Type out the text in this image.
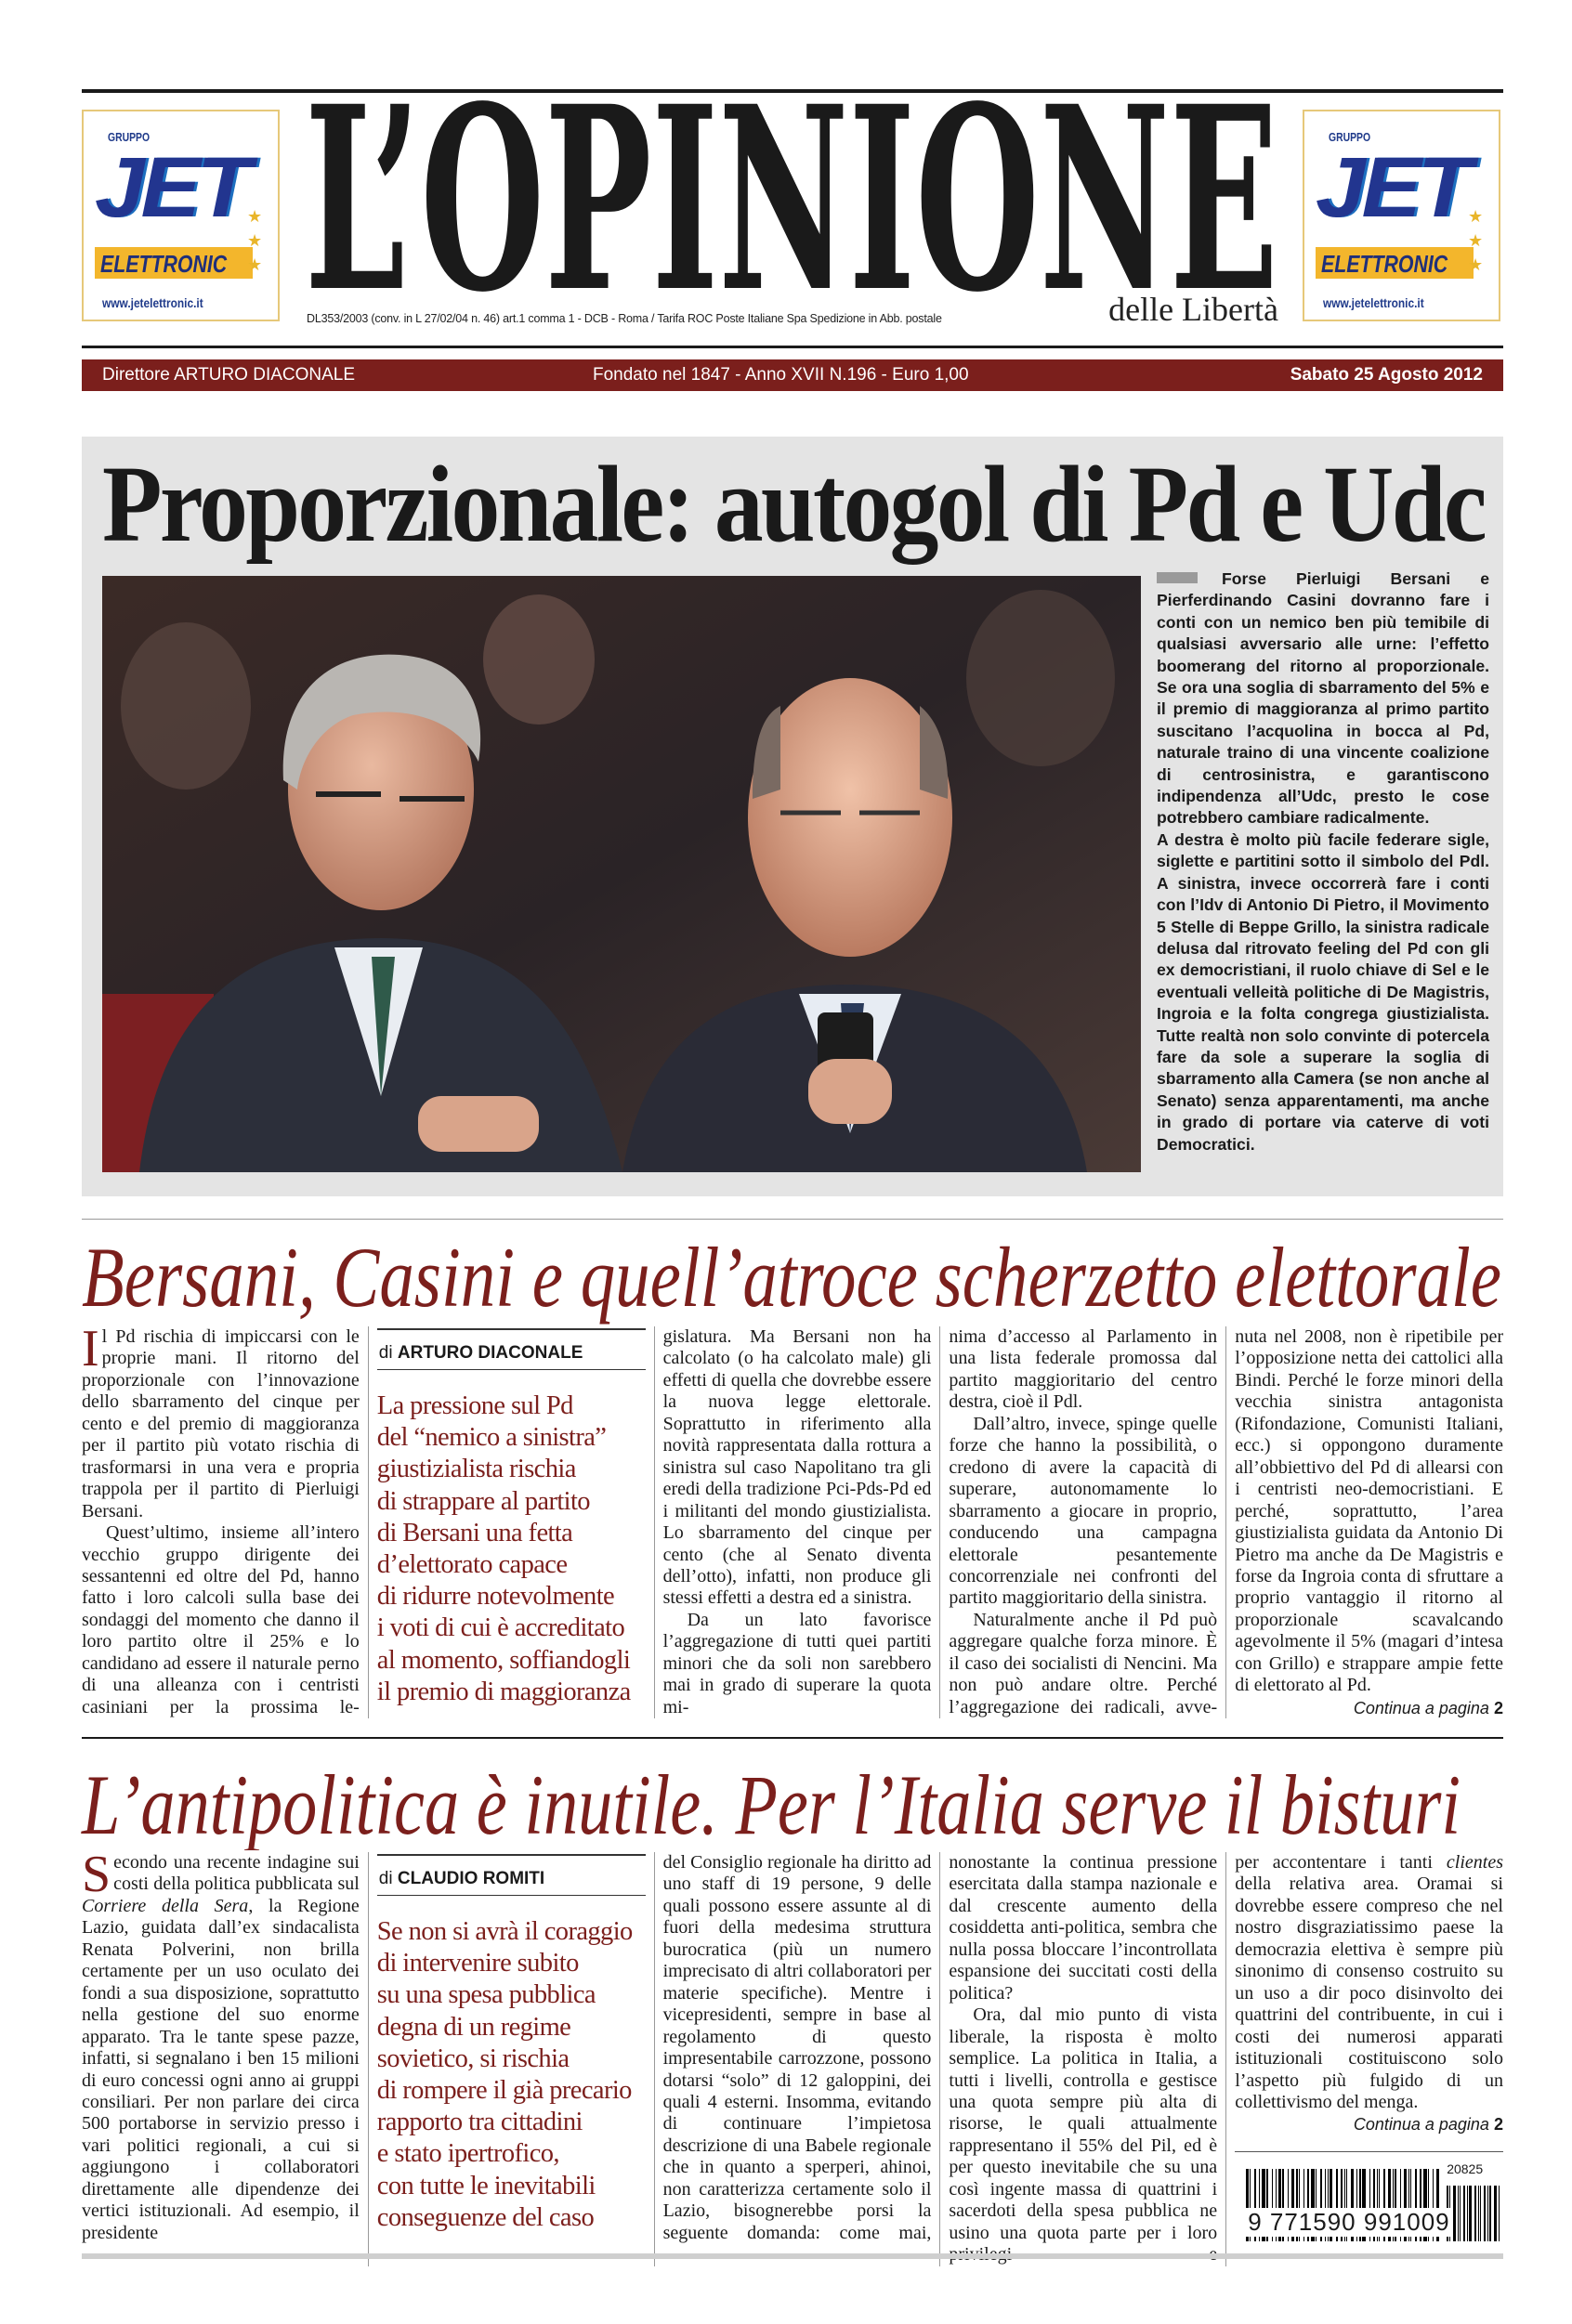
GRUPPO
JET
ELETTRONIC
★
★
★
www.jetelettronic.it L’OPINIONE
DL353/2003 (conv. in L 27/02/04 n. 46) art.1 comma 1 - DCB - Roma / Tarifa ROC Poste Italiane Spa Spedizione in Abb. postale	delle Libertà
GRUPPO
JET
ELETTRONIC
★
★
★
www.jetelettronic.it
Direttore ARTURO DIACONALE	Fondato nel 1847 - Anno XVII N.196 - Euro 1,00	Sabato 25 Agosto 2012
Proporzionale: autogol di Pd e Udc

Forse Pierluigi Bersani e Pierferdinando Casini dovranno fare i conti con un nemico ben più temibile di qualsiasi avversario alle urne: l’effetto boomerang del ritorno al proporzionale. Se ora una soglia di sbarramento del 5% e il premio di maggioranza al primo partito suscitano l’acquolina in bocca al Pd, naturale traino di una vincente coalizione di centrosinistra, e garantiscono indipendenza all’Udc, presto le cose potrebbero cambiare radicalmente.

A destra è molto più facile federare sigle, siglette e partitini sotto il simbolo del Pdl. A sinistra, invece occorrerà fare i conti con l’Idv di Antonio Di Pietro, il Movimento 5 Stelle di Beppe Grillo, la sinistra radicale delusa dal ritrovato feeling del Pd con gli ex democristiani, il ruolo chiave di Sel e le eventuali velleità politiche di De Magistris, Ingroia e la folta congrega giustizialista. Tutte realtà non solo convinte di potercela fare da sole a superare la soglia di sbarramento alla Camera (se non anche al Senato) senza apparentamenti, ma anche in grado di portare via caterve di voti Democratici.

Bersani, Casini e quell’atroce scherzetto elettorale

Il Pd rischia di impiccarsi con le proprie mani. Il ritorno del proporzionale con l’innovazione dello sbarramento del cinque per cento e del premio di maggioranza per il partito più votato rischia di trasformarsi in una vera e propria trappola per il partito di Pierluigi Bersani.

Quest’ultimo, insieme all’intero vecchio gruppo dirigente dei sessantenni ed oltre del Pd, hanno fatto i loro calcoli sulla base dei sondaggi del momento che danno il loro partito oltre il 25% e lo candidano ad essere il naturale perno di una alleanza con i centristi casiniani per la prossima le-

di ARTURO DIACONALE
La pressione sul Pd
del “nemico a sinistra”
giustizialista rischia
di strappare al partito
di Bersani una fetta
d’elettorato capace
di ridurre notevolmente
i voti di cui è accreditato
al momento, soffiandogli
il premio di maggioranza

gislatura. Ma Bersani non ha calcolato (o ha calcolato male) gli effetti di quella che dovrebbe essere la nuova legge elettorale. Soprattutto in riferimento alla novità rappresentata dalla rottura a sinistra sul caso Napolitano tra gli eredi della tradizione Pci-Pds-Pd ed i militanti del mondo giustizialista. Lo sbarramento del cinque per cento (che al Senato diventa dell’otto), infatti, non produce gli stessi effetti a destra ed a sinistra.

Da un lato favorisce l’aggregazione di tutti quei partiti minori che da soli non sarebbero mai in grado di superare la quota mi-

nima d’accesso al Parlamento in una lista federale promossa dal partito maggioritario del centro destra, cioè il Pdl.

Dall’altro, invece, spinge quelle forze che hanno la possibilità, o credono di avere la capacità di superare, autonomamente lo sbarramento a giocare in proprio, conducendo una campagna elettorale pesantemente concorrenziale nei confronti del partito maggioritario della sinistra.

Naturalmente anche il Pd può aggregare qualche forza minore. È il caso dei socialisti di Nencini. Ma non può andare oltre. Perché l’aggregazione dei radicali, avve-

nuta nel 2008, non è ripetibile per l’opposizione netta dei cattolici alla Bindi. Perché le forze minori della vecchia sinistra antagonista (Rifondazione, Comunisti Italiani, ecc.) si oppongono duramente all’obbiettivo del Pd di allearsi con i centristi neo-democristiani. E perché, soprattutto, l’area giustizialista guidata da Antonio Di Pietro ma anche da De Magistris e forse da Ingroia conta di sfruttare a proprio vantaggio il ritorno al proporzionale scavalcando agevolmente il 5% (magari d’intesa con Grillo) e strappare ampie fette di elettorato al Pd.

Continua a pagina 2
L’antipolitica è inutile. Per l’Italia serve il bisturi

Secondo una recente indagine sui costi della politica pubblicata sul Corriere della Sera, la Regione Lazio, guidata dall’ex sindacalista Renata Polverini, non brilla certamente per un uso oculato dei fondi a sua disposizione, soprattutto nella gestione del suo enorme apparato. Tra le tante spese pazze, infatti, si segnalano i ben 15 milioni di euro concessi ogni anno ai gruppi consiliari. Per non parlare dei circa 500 portaborse in servizio presso i vari politici regionali, a cui si aggiungono i collaboratori direttamente alle dipendenze dei vertici istituzionali. Ad esempio, il presidente

di CLAUDIO ROMITI
Se non si avrà il coraggio
di intervenire subito
su una spesa pubblica
degna di un regime
sovietico, si rischia
di rompere il già precario
rapporto tra cittadini
e stato ipertrofico,
con tutte le inevitabili
conseguenze del caso

del Consiglio regionale ha diritto ad uno staff di 19 persone, 9 delle quali possono essere assunte al di fuori della medesima struttura burocratica (più un numero imprecisato di altri collaboratori per materie specifiche). Mentre i vicepresidenti, sempre in base al regolamento di questo impresentabile carrozzone, possono dotarsi “solo” di 12 galoppini, dei quali 4 esterni. Insomma, evitando di continuare l’impietosa descrizione di una Babele regionale che in quanto a sperperi, ahinoi, non caratterizza certamente solo il Lazio, bisognerebbe porsi la seguente domanda: come mai,

nonostante la continua pressione esercitata dalla stampa nazionale e dal crescente aumento della cosiddetta anti-politica, sembra che nulla possa bloccare l’incontrollata espansione dei succitati costi della politica?

Ora, dal mio punto di vista liberale, la risposta è molto semplice. La politica in Italia, a tutti i livelli, controlla e gestisce una quota sempre più alta di risorse, le quali attualmente rappresentano il 55% del Pil, ed è per questo inevitabile che su una così ingente massa di quattrini i sacerdoti della spesa pubblica ne usino una quota parte per i loro

per accontentare i tanti clientes della relativa area. Oramai si dovrebbe essere compreso che nel nostro disgraziatissimo paese la democrazia elettiva è sempre più sinonimo di consenso costruito su un uso a dir poco disinvolto dei quattrini del contribuente, in cui i costi dei numerosi apparati istituzionali costituiscono solo l’aspetto più fulgido di un collettivismo del menga.

Continua a pagina 2
9 771590 991009
20825
